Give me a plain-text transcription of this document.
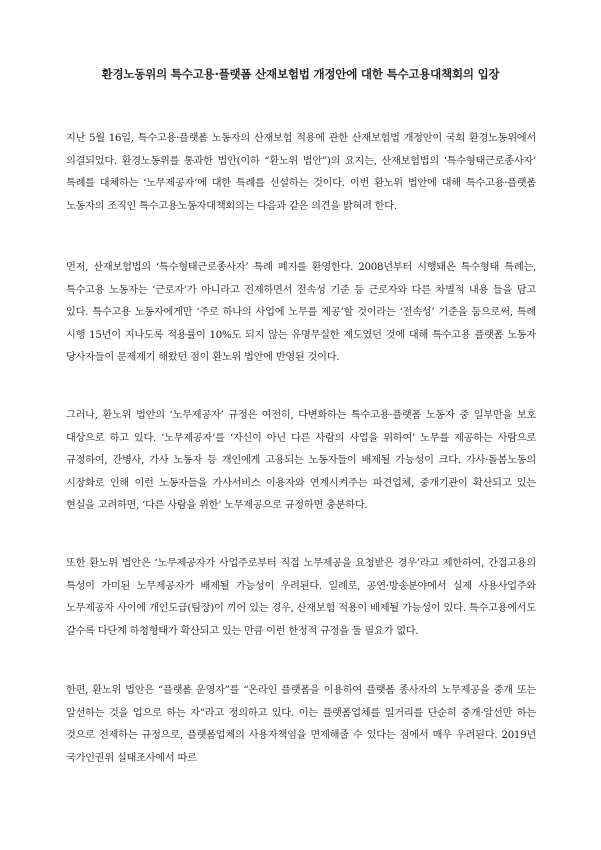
환경노동위의 특수고용·플랫폼 산재보험법 개정안에 대한 특수고용대책회의 입장

지난 5월 16일, 특수고용·플랫폼 노동자의 산재보험 적용에 관한 산재보험법 개정안이 국회 환경노동위에서 의결되었다. 환경노동위를 통과한 법안(이하 “환노위 법안”)의 요지는, 산재보험법의 ‘특수형태근로종사자’ 특례를 대체하는 ‘노무제공자’에 대한 특례를 신설하는 것이다. 이번 환노위 법안에 대해 특수고용·플랫폼 노동자의 조직인 특수고용노동자대책회의는 다음과 같은 의견을 밝혀려 한다.

먼저, 산재보험법의 ‘특수형태근로종사자’ 특례 폐지를 환영한다. 2008년부터 시행돼온 특수형태 특례는, 특수고용 노동자는 ‘근로자’가 아니라고 전제하면서 전속성 기준 등 근로자와 다른 차별적 내용 들을 담고 있다. 특수고용 노동자에게만 ‘주로 하나의 사업에 노무를 제공’할 것이라는 ‘전속성’ 기준을 둠으로써, 특례 시행 15년이 지나도록 적용률이 10%도 되지 않는 유명무실한 제도였던 것에 대해 특수고용 플랫폼 노동자 당사자들이 문제제기 해왔던 점이 환노위 법안에 반영된 것이다.

그러나, 환노위 법안의 ‘노무제공자’ 규정은 여전히, 다변화하는 특수고용·플랫폼 노동자 중 일부만을 보호 대상으로 하고 있다. ‘노무제공자’를 ‘자신이 아닌 다른 사람의 사업을 위하여’ 노무를 제공하는 사람으로 규정하여, 간병사, 가사 노동자 등 개인에게 고용되는 노동자들이 배제될 가능성이 크다. 가사·돌봄노동의 시장화로 인해 이런 노동자들을 가사서비스 이용자와 연계시켜주는 파견업체, 중개기관이 확산되고 있는 현실을 고려하면, ‘다른 사람을 위한’ 노무제공으로 규정하면 충분하다.

또한 환노위 법안은 ‘노무제공자가 사업주로부터 직접 노무제공을 요청받은 경우’라고 제한하여, 간접고용의 특성이 가미된 노무제공자가 배제될 가능성이 우려된다. 일례로, 공연·방송분야에서 실제 사용사업주와 노무제공자 사이에 개인도급(팀장)이 끼어 있는 경우, 산재보험 적용이 배제될 가능성이 있다. 특수고용에서도 갈수록 다단계 하청형태가 확산되고 있는 만큼 이런 한정적 규정을 둘 필요가 없다.

한편, 환노위 법안은 “플랫폼 운영자”를 “온라인 플랫폼을 이용하여 플랫폼 종사자의 노무제공을 중개 또는 알선하는 것을 업으로 하는 자”라고 정의하고 있다. 이는 플랫폼업체를 일거리를 단순히 중개·알선만 하는 것으로 전제하는 규정으로, 플랫폼업체의 사용자책임을 면제해줄 수 있다는 점에서 매우 우려된다. 2019년 국가인권위 실태조사에서 따르
